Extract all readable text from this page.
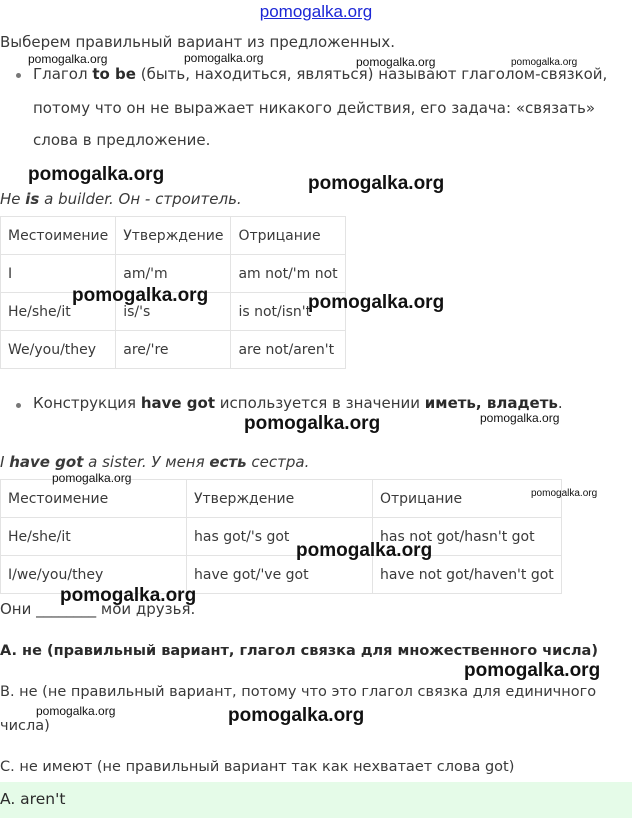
pomogalka.org
Выберем правильный вариант из предложенных.
Глагол to be (быть, находиться, являться) называют глаголом-связкой,
потому что он не выражает никакого действия, его задача: «связать»
слова в предложение.
He is a builder. Он - строитель.
Местоимение	Утверждение	Отрицание
I	am/'m	am not/'m not
He/she/it	is/'s	is not/isn't
We/you/they	are/'re	are not/aren't
Конструкция have got используется в значении иметь, владеть.
I have got a sister. У меня есть сестра.
Местоимение	Утверждение	Отрицание
He/she/it	has got/'s got	has not got/hasn't got
I/we/you/they	have got/'ve got	have not got/haven't got
Они ________ мои друзья.
A. не (правильный вариант, глагол связка для множественного числа)
B. не (не правильный вариант, потому что это глагол связка для единичного
числа)
C. не имеют (не правильный вариант так как нехватает слова got)
A. aren't
pomogalka.org	pomogalka.org	pomogalka.org	pomogalka.org
pomogalka.org	pomogalka.org
pomogalka.org	pomogalka.org
pomogalka.org	pomogalka.org
pomogalka.org
pomogalka.org
pomogalka.org
pomogalka.org
pomogalka.org
pomogalka.org	pomogalka.org
